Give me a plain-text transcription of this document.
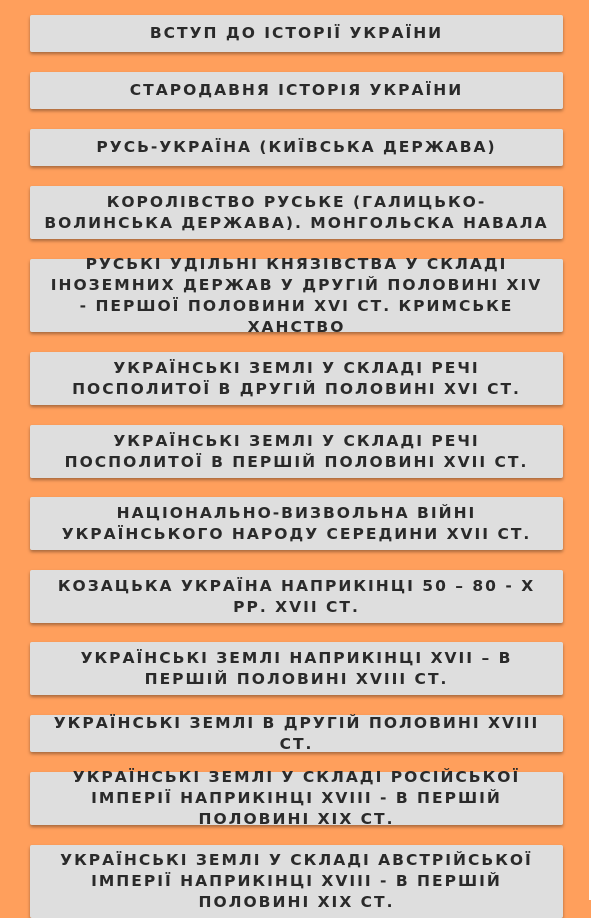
ВСТУП ДО ІСТОРІЇ УКРАЇНИ
СТАРОДАВНЯ ІСТОРІЯ УКРАЇНИ
РУСЬ-УКРАЇНА (КИЇВСЬКА ДЕРЖАВА)
КОРОЛІВСТВО РУСЬКЕ (ГАЛИЦЬКО-ВОЛИНСЬКА ДЕРЖАВА). МОНГОЛЬСКА НАВАЛА
РУСЬКІ УДІЛЬНІ КНЯЗІВСТВА У СКЛАДІ ІНОЗЕМНИХ ДЕРЖАВ У ДРУГІЙ ПОЛОВИНІ XIV - ПЕРШОЇ ПОЛОВИНИ XVI СТ. КРИМСЬКЕ ХАНСТВО
УКРАЇНСЬКІ ЗЕМЛІ У СКЛАДІ РЕЧІ ПОСПОЛИТОЇ В ДРУГІЙ ПОЛОВИНІ XVI СТ.
УКРАЇНСЬКІ ЗЕМЛІ У СКЛАДІ РЕЧІ ПОСПОЛИТОЇ В ПЕРШІЙ ПОЛОВИНІ XVII СТ.
НАЦІОНАЛЬНО-ВИЗВОЛЬНА ВІЙНІ УКРАЇНСЬКОГО НАРОДУ СЕРЕДИНИ XVII СТ.
КОЗАЦЬКА УКРАЇНА НАПРИКІНЦІ 50 – 80 - Х РР. XVII СТ.
УКРАЇНСЬКІ ЗЕМЛІ НАПРИКІНЦІ XVII – В ПЕРШІЙ ПОЛОВИНІ XVIII СТ.
УКРАЇНСЬКІ ЗЕМЛІ В ДРУГІЙ ПОЛОВИНІ XVIII СТ.
УКРАЇНСЬКІ ЗЕМЛІ У СКЛАДІ РОСІЙСЬКОЇ ІМПЕРІЇ НАПРИКІНЦІ XVIII - В ПЕРШІЙ ПОЛОВИНІ XIX СТ.
УКРАЇНСЬКІ ЗЕМЛІ У СКЛАДІ АВСТРІЙСЬКОЇ ІМПЕРІЇ НАПРИКІНЦІ XVIII - В ПЕРШІЙ ПОЛОВИНІ XIX СТ.
